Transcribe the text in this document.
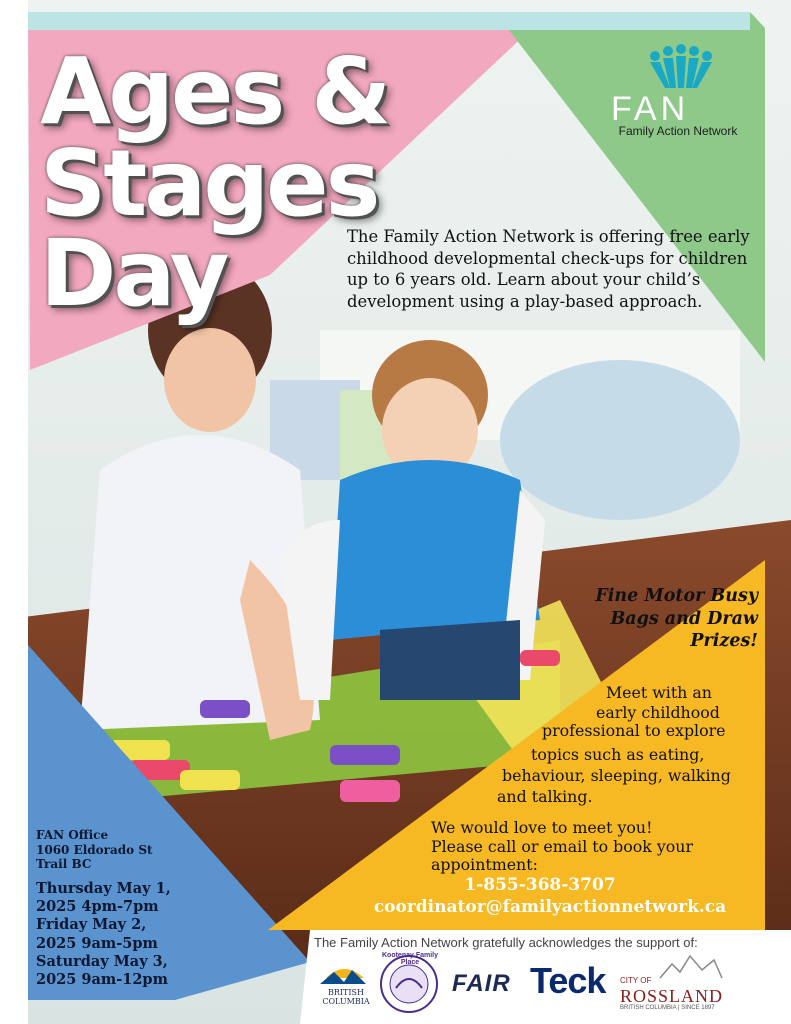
Ages &
Stages
Day
FAN
Family Action Network
The Family Action Network is offering free early childhood developmental check-ups for children up to 6 years old. Learn about your child’s development using a play-based approach.
Fine Motor Busy
Bags and Draw
Prizes!
Meet with an
early childhood
professional to explore
topics such as eating,
behaviour, sleeping, walking
and talking.
We would love to meet you!
Please call or email to book your
appointment:
1-855-368-3707
coordinator@familyactionnetwork.ca
FAN Office
1060 Eldorado St
Trail BC
Thursday May 1,
2025 4pm-7pm
Friday May 2,
2025 9am-5pm
Saturday May 3,
2025 9am-12pm
The Family Action Network gratefully acknowledges the support of:
BRITISH
COLUMBIA
Kootenay Family Place
FAIR Teck CITY OF
ROSSLAND
BRITISH COLUMBIA | SINCE 1897
